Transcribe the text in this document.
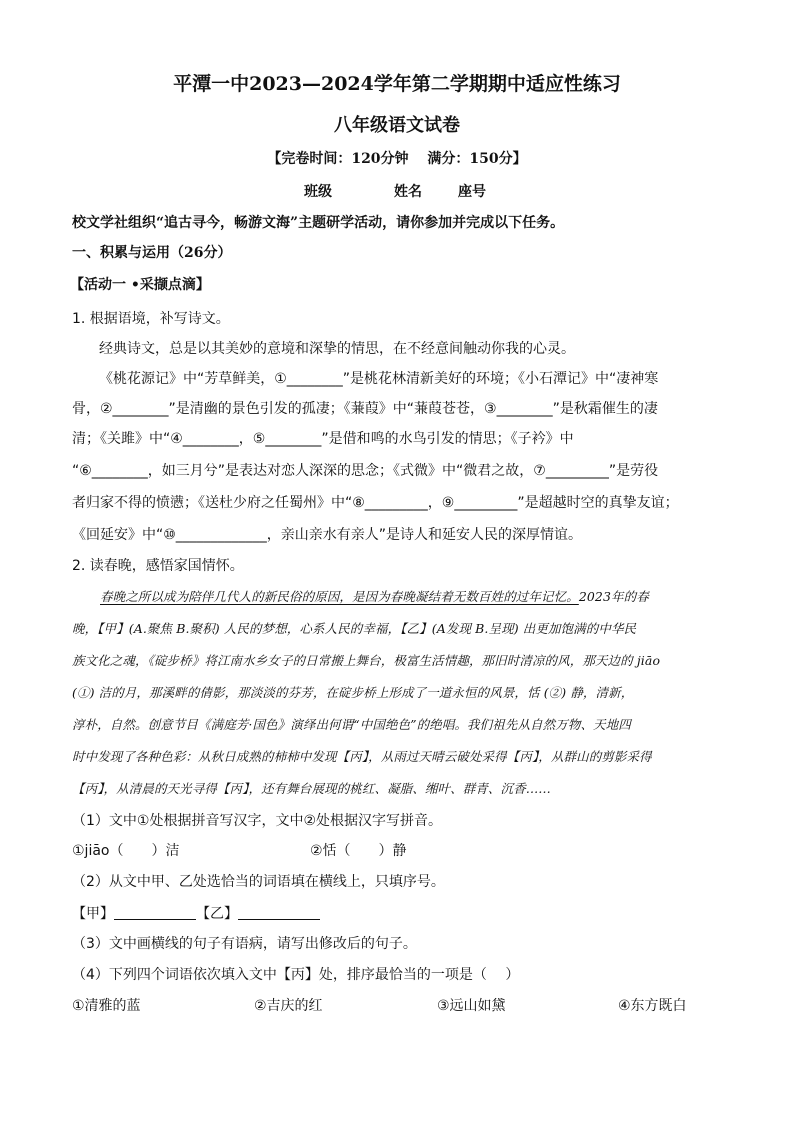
平潭一中2023—2024学年第二学期期中适应性练习
八年级语文试卷
【完卷时间：120分钟　 满分：150分】
班级	姓名	座号
校文学社组织“追古寻今，畅游文海”主题研学活动，请你参加并完成以下任务。
一、积累与运用（26分）
【活动一 •采撷点滴】
1. 根据语境，补写诗文。
经典诗文，总是以其美妙的意境和深挚的情思，在不经意间触动你我的心灵。
《桃花源记》中“芳草鲜美，①________”是桃花林清新美好的环境；《小石潭记》中“凄神寒
骨，②________”是清幽的景色引发的孤凄；《蒹葭》中“蒹葭苍苍，③________”是秋霜催生的凄
清；《关雎》中“④________，⑤________”是借和鸣的水鸟引发的情思；《子衿》中
“⑥________，如三月兮”是表达对恋人深深的思念；《式微》中“微君之故，⑦_________”是劳役
者归家不得的愤懑；《送杜少府之任蜀州》中“⑧_________，⑨_________”是超越时空的真挚友谊；
《回延安》中“⑩_____________，亲山亲水有亲人”是诗人和延安人民的深厚情谊。
2. 读春晚，感悟家国情怀。
春晚之所以成为陪伴几代人的新民俗的原因，是因为春晚凝结着无数百姓的过年记忆。2023年的春
晚，【甲】(A.聚焦 B.聚积) 人民的梦想，心系人民的幸福，【乙】(A发现 B.呈现) 出更加饱满的中华民
族文化之魂，《碇步桥》将江南水乡女子的日常搬上舞台，极富生活情趣，那旧时清凉的风，那天边的 jiāo
(①) 洁的月，那溪畔的倩影，那淡淡的芬芳，在碇步桥上形成了一道永恒的风景，恬 (②) 静，清新，
淳朴，自然。创意节目《满庭芳·国色》演绎出何谓“中国绝色”的绝唱。我们祖先从自然万物、天地四
时中发现了各种色彩：从秋日成熟的柿柿中发现【丙】，从雨过天晴云破处采得【丙】，从群山的剪影采得
【丙】，从清晨的天光寻得【丙】，还有舞台展现的桃红、凝脂、缃叶、群青、沉香……
（1）文中①处根据拼音写汉字，文中②处根据汉字写拼音。
①jiāo（　　）洁	②恬（　　）静
（2）从文中甲、乙处选恰当的词语填在横线上，只填序号。
【甲】	【乙】
（3）文中画横线的句子有语病，请写出修改后的句子。
（4）下列四个词语依次填入文中【丙】处，排序最恰当的一项是（　 ）
①清雅的蓝	②吉庆的红	③远山如黛	④东方既白
